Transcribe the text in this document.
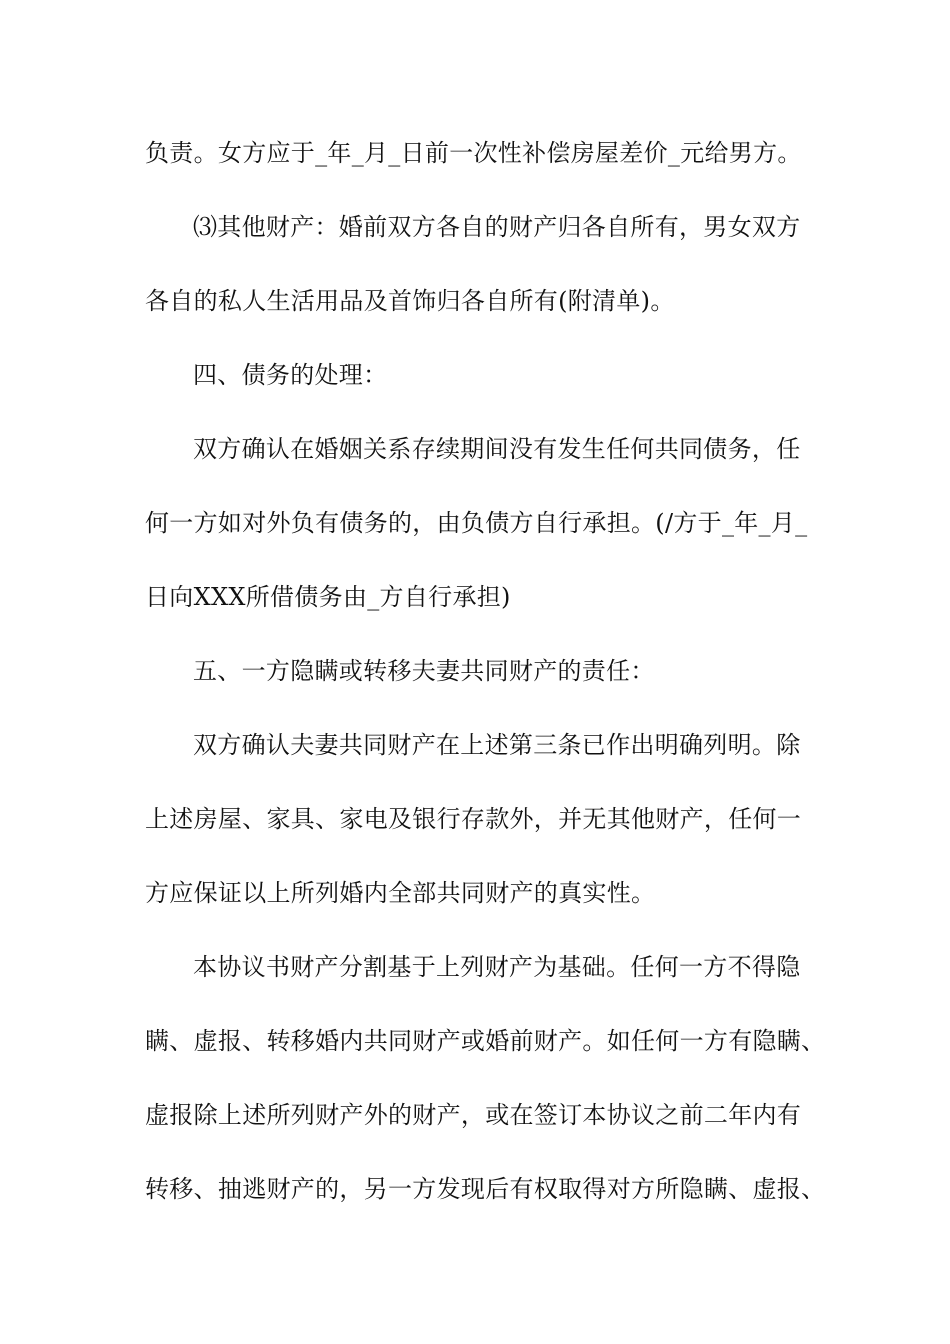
负责。女方应于_年_月_日前一次性补偿房屋差价_元给男方。
⑶其他财产：婚前双方各自的财产归各自所有，男女双方
各自的私人生活用品及首饰归各自所有(附清单)。
四、债务的处理：
双方确认在婚姻关系存续期间没有发生任何共同债务，任
何一方如对外负有债务的，由负债方自行承担。(/方于_年_月_
日向XXX所借债务由_方自行承担)
五、一方隐瞒或转移夫妻共同财产的责任：
双方确认夫妻共同财产在上述第三条已作出明确列明。除
上述房屋、家具、家电及银行存款外，并无其他财产，任何一
方应保证以上所列婚内全部共同财产的真实性。
本协议书财产分割基于上列财产为基础。任何一方不得隐
瞒、虚报、转移婚内共同财产或婚前财产。如任何一方有隐瞒、
虚报除上述所列财产外的财产，或在签订本协议之前二年内有
转移、抽逃财产的，另一方发现后有权取得对方所隐瞒、虚报、
